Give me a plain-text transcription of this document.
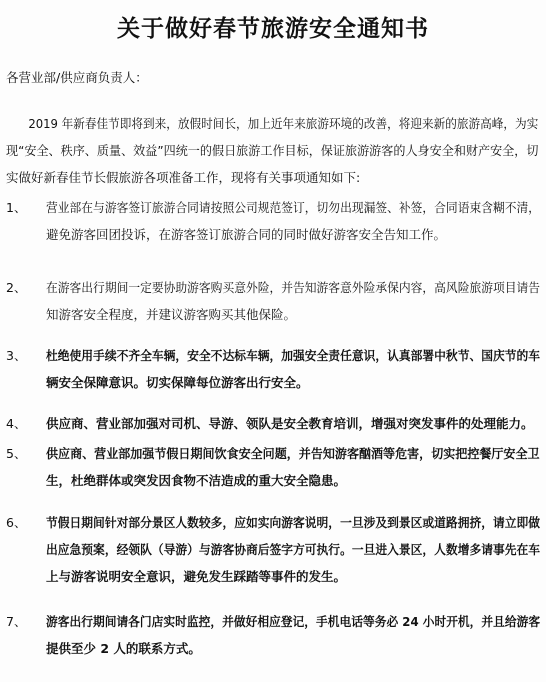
关于做好春节旅游安全通知书
各营业部/供应商负责人：
2019 年新春佳节即将到来，放假时间长，加上近年来旅游环境的改善，将迎来新的旅游高峰，为实
现“安全、秩序、质量、效益”四统一的假日旅游工作目标，保证旅游游客的人身安全和财产安全，切
实做好新春佳节长假旅游各项准备工作，现将有关事项通知如下:
1、 营业部在与游客签订旅游合同请按照公司规范签订，切勿出现漏签、补签，合同语束含糊不清，
避免游客回团投诉，在游客签订旅游合同的同时做好游客安全告知工作。
2、 在游客出行期间一定要协助游客购买意外险，并告知游客意外险承保内容，高风险旅游项目请告
知游客安全程度，并建议游客购买其他保险。
3、 杜绝使用手续不齐全车辆，安全不达标车辆，加强安全责任意识，认真部署中秋节、国庆节的车
辆安全保障意识。切实保障每位游客出行安全。
4、 供应商、营业部加强对司机、导游、领队是安全教育培训，增强对突发事件的处理能力。
5、 供应商、营业部加强节假日期间饮食安全问题，并告知游客酗酒等危害，切实把控餐厅安全卫
生，杜绝群体或突发因食物不洁造成的重大安全隐患。
6、 节假日期间针对部分景区人数较多，应如实向游客说明，一旦涉及到景区或道路拥挤，请立即做
出应急预案，经领队（导游）与游客协商后签字方可执行。一旦进入景区，人数增多请事先在车
上与游客说明安全意识，避免发生踩踏等事件的发生。
7、 游客出行期间请各门店实时监控，并做好相应登记，手机电话等务必 24 小时开机，并且给游客
提供至少 2 人的联系方式。
